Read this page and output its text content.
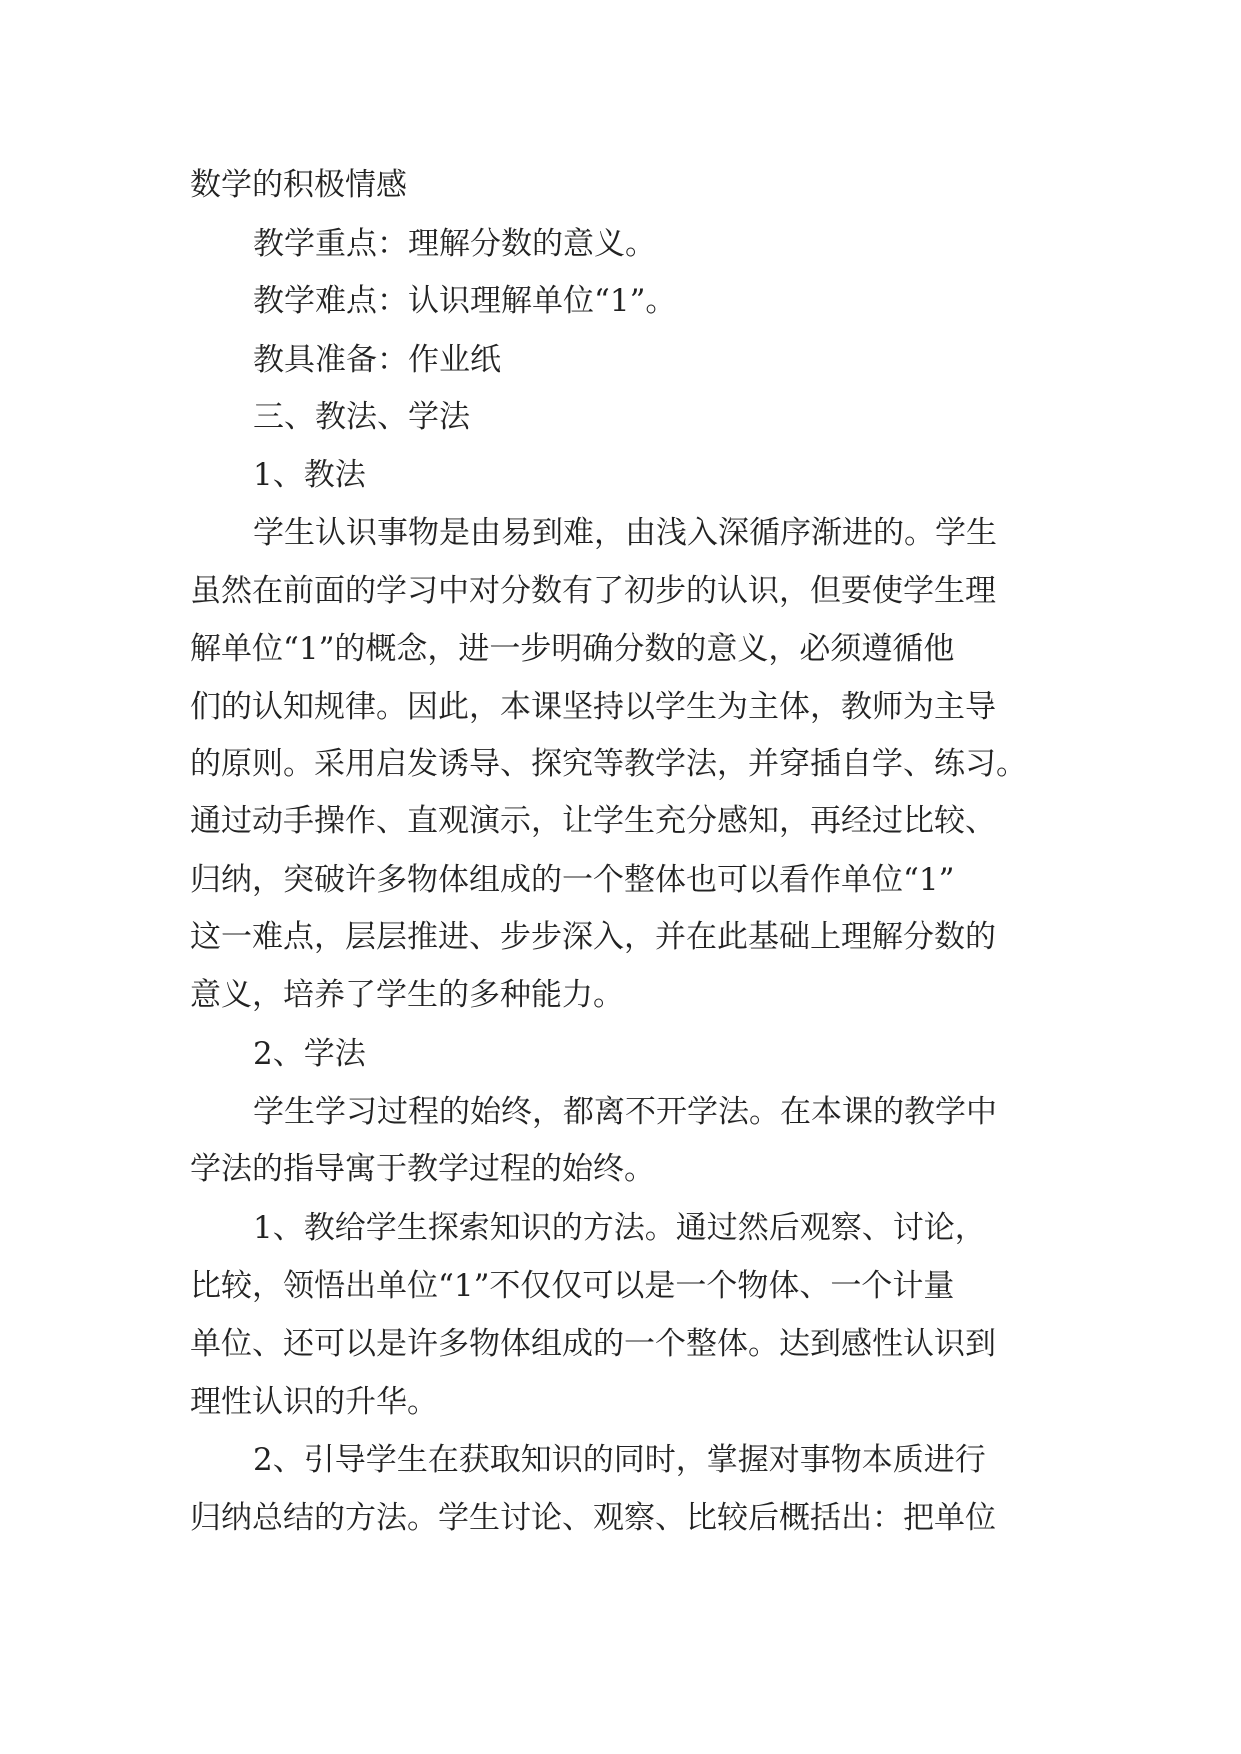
数学的积极情感
教学重点：理解分数的意义。
教学难点：认识理解单位“1”。
教具准备：作业纸
三、教法、学法
1、教法
学生认识事物是由易到难，由浅入深循序渐进的。学生
虽然在前面的学习中对分数有了初步的认识，但要使学生理
解单位“1”的概念，进一步明确分数的意义，必须遵循他
们的认知规律。因此，本课坚持以学生为主体，教师为主导
的原则。采用启发诱导、探究等教学法，并穿插自学、练习。
通过动手操作、直观演示，让学生充分感知，再经过比较、
归纳，突破许多物体组成的一个整体也可以看作单位“1”
这一难点，层层推进、步步深入，并在此基础上理解分数的
意义，培养了学生的多种能力。
2、学法
学生学习过程的始终，都离不开学法。在本课的教学中
学法的指导寓于教学过程的始终。
1、教给学生探索知识的方法。通过然后观察、讨论，
比较，领悟出单位“1”不仅仅可以是一个物体、一个计量
单位、还可以是许多物体组成的一个整体。达到感性认识到
理性认识的升华。
2、引导学生在获取知识的同时，掌握对事物本质进行
归纳总结的方法。学生讨论、观察、比较后概括出：把单位
